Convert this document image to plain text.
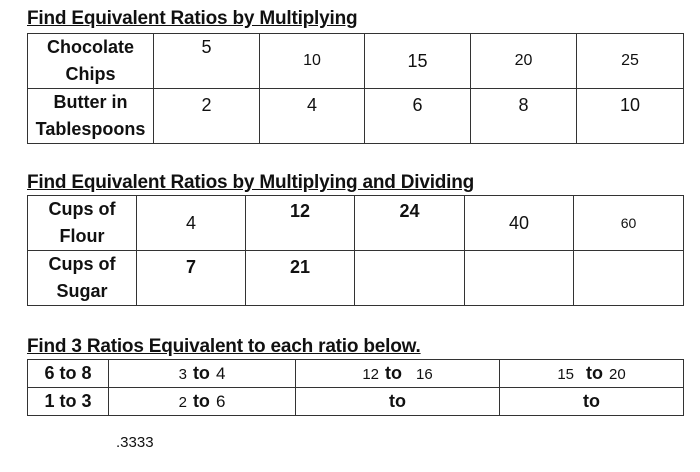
Find Equivalent Ratios by Multiplying
Chocolate
Chips	5	10	15	20	25

Butter in
Tablespoons	2	4	6	8	10
Find Equivalent Ratios by Multiplying and Dividing
Cups of
Flour	4	12	24	40	60

Cups of
Sugar	7	21			
Find 3 Ratios Equivalent to each ratio below.
6 to 8	3 to 4	12 to 16	15 to 20
1 to 3	2 to 6	to	to
.3333
